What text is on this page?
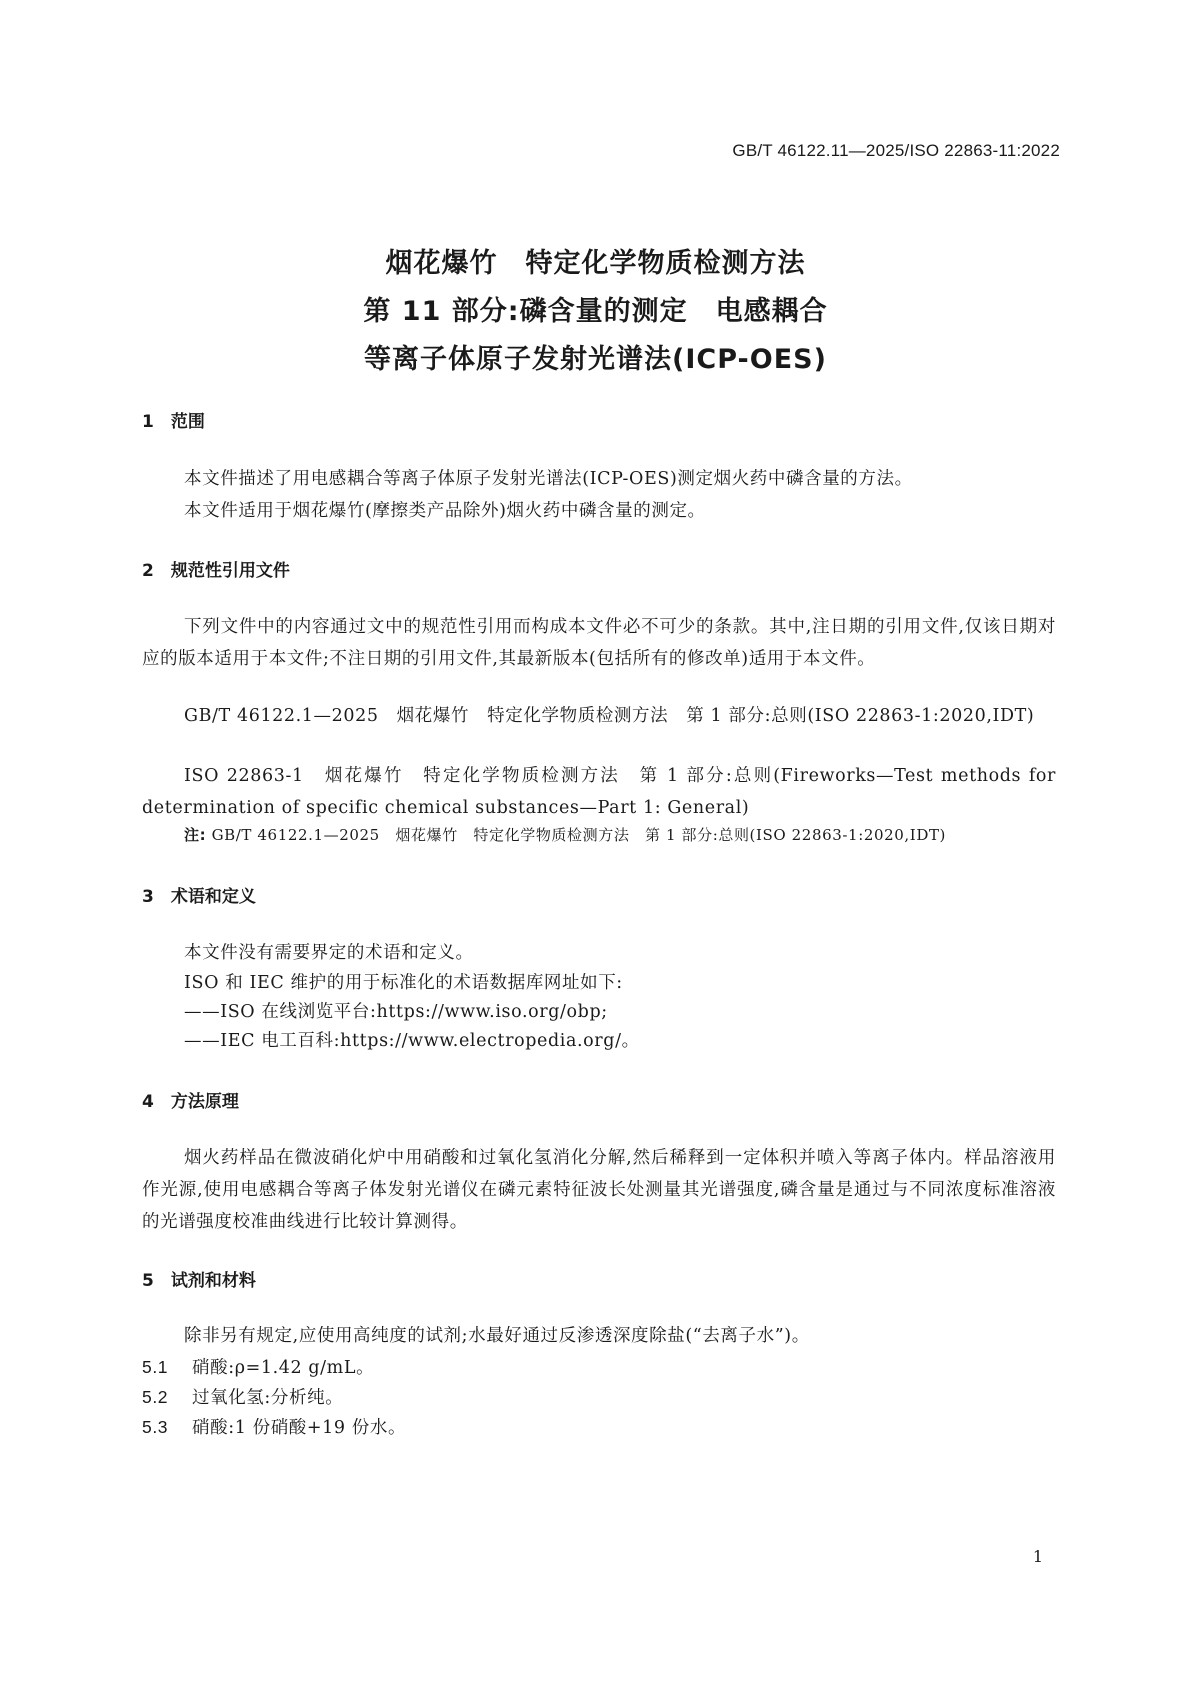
GB/T 46122.11—2025/ISO 22863-11:2022
烟花爆竹　特定化学物质检测方法
第 11 部分:磷含量的测定　电感耦合
等离子体原子发射光谱法(ICP-OES)
1　范围
本文件描述了用电感耦合等离子体原子发射光谱法(ICP-OES)测定烟火药中磷含量的方法。
本文件适用于烟花爆竹(摩擦类产品除外)烟火药中磷含量的测定。
2　规范性引用文件
下列文件中的内容通过文中的规范性引用而构成本文件必不可少的条款。其中,注日期的引用文件,仅该日期对应的版本适用于本文件;不注日期的引用文件,其最新版本(包括所有的修改单)适用于本文件。
GB/T 46122.1—2025　烟花爆竹　特定化学物质检测方法　第 1 部分:总则(ISO 22863-1:2020,IDT)
ISO 22863-1　烟花爆竹　特定化学物质检测方法　第 1 部分:总则(Fireworks—Test methods for determination of specific chemical substances—Part 1: General)
注: GB/T 46122.1—2025　烟花爆竹　特定化学物质检测方法　第 1 部分:总则(ISO 22863-1:2020,IDT)
3　术语和定义
本文件没有需要界定的术语和定义。
ISO 和 IEC 维护的用于标准化的术语数据库网址如下:
——ISO 在线浏览平台:https://www.iso.org/obp;
——IEC 电工百科:https://www.electropedia.org/。
4　方法原理
烟火药样品在微波硝化炉中用硝酸和过氧化氢消化分解,然后稀释到一定体积并喷入等离子体内。样品溶液用作光源,使用电感耦合等离子体发射光谱仪在磷元素特征波长处测量其光谱强度,磷含量是通过与不同浓度标准溶液的光谱强度校准曲线进行比较计算测得。
5　试剂和材料
除非另有规定,应使用高纯度的试剂;水最好通过反渗透深度除盐(“去离子水”)。
5.1 硝酸:ρ=1.42 g/mL。
5.2 过氧化氢:分析纯。
5.3 硝酸:1 份硝酸+19 份水。
1
